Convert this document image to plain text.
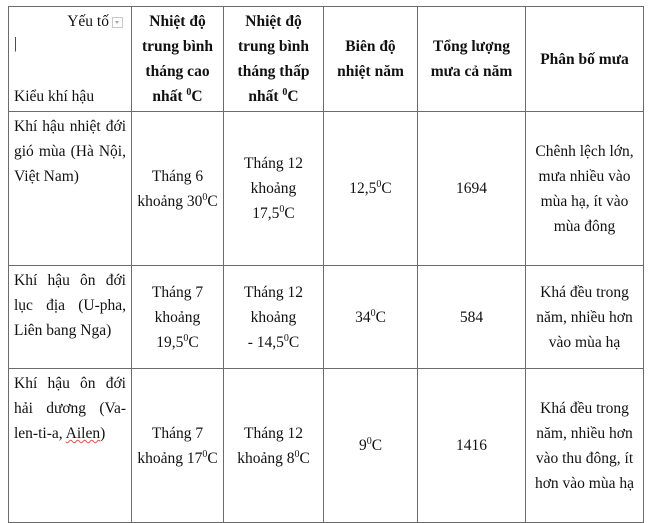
Yếu tố
|
Kiểu khí hậu	Nhiệt độ trung bình tháng cao nhất $^0$C	Nhiệt độ trung bình tháng thấp nhất $^0$C	Biên độ nhiệt năm	Tổng lượng mưa cả năm	Phân bố mưa
Khí hậu nhiệt đới gió mùa (Hà Nội, Việt Nam)	Tháng 6
khoảng $30^0C$	Tháng 12
khoảng
17,5$^0$C	12,5$^0$C	1694	Chênh lệch lớn, mưa nhiều vào mùa hạ, ít vào mùa đông
Khí hậu ôn đới lục địa (U-pha, Liên bang Nga)	Tháng 7
khoảng
19,5$^0$C	Tháng 12
khoảng
- 14,5$^0$C	$34^0C$	584	Khá đều trong năm, nhiều hơn vào mùa hạ
Khí hậu ôn đới hải dương (Va-len-ti-a, Ailen)	Tháng 7
khoảng $17^0C$	Tháng 12
khoảng $8^0C$	$9^0C$	1416	Khá đều trong năm, nhiều hơn vào thu đông, ít hơn vào mùa hạ
